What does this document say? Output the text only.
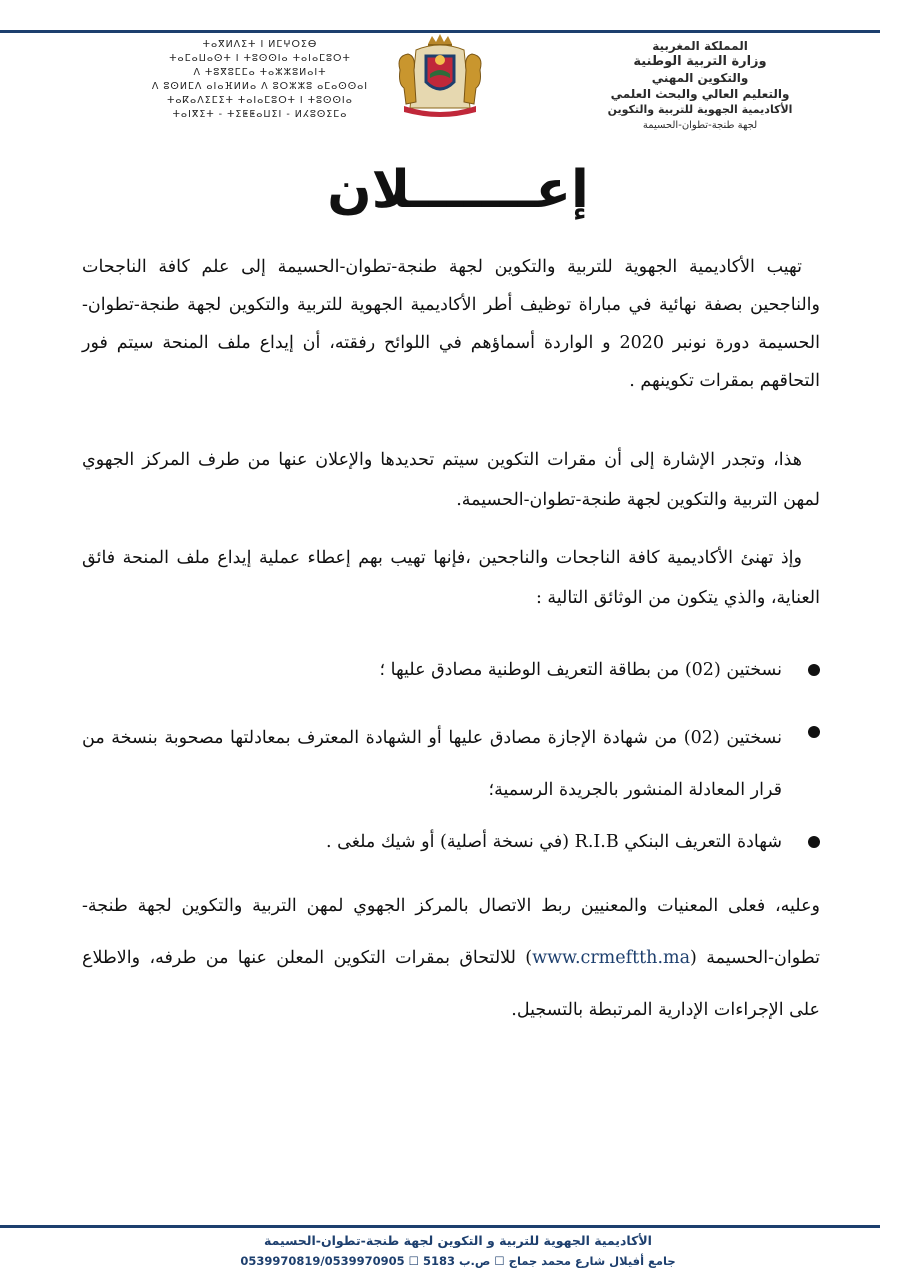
ⵜⴰⴳⵍⴷⵉⵜ ⵏ ⵍⵎⵖⵔⵉⴱ
ⵜⴰⵎⴰⵡⴰⵙⵜ ⵏ ⵜⵓⵙⵙⵏⴰ ⵜⴰⵏⴰⵎⵓⵔⵜ
ⴷ ⵜⵓⴳⵓⵎⵎⴰ ⵜⴰⵣⵣⵓⵍⴰⵏⵜ
ⴷ ⵓⵙⵍⵎⴷ ⴰⵏⴰⴼⵍⵍⴰ ⴷ ⵓⵔⵣⵣⵓ ⴰⵎⴰⵙⵙⴰⵏ
ⵜⴰⴽⴰⴷⵉⵎⵉⵜ ⵜⴰⵏⴰⵎⵓⵔⵜ ⵏ ⵜⵓⵙⵙⵏⴰ
ⵜⴰⵏⴳⵉⵜ - ⵜⵉⵟⵟⴰⵡⵉⵏ - ⵍⵃⵓⵙⵉⵎⴰ
المملكة المغربية
وزارة التربية الوطنية
والتكوين المهني
والتعليم العالي والبحث العلمي
الأكاديمية الجهوية للتربية والتكوين
لجهة طنجة-تطوان-الحسيمة
إعـــــــلان
تهيب الأكاديمية الجهوية للتربية والتكوين لجهة طنجة-تطوان-الحسيمة إلى علم كافة الناجحات والناجحين بصفة نهائية في مباراة توظيف أطر الأكاديمية الجهوية للتربية والتكوين لجهة طنجة-تطوان-الحسيمة دورة نونبر 2020 و الواردة أسماؤهم في اللوائح رفقته، أن إيداع ملف المنحة سيتم فور التحاقهم بمقرات تكوينهم .
هذا، وتجدر الإشارة إلى أن مقرات التكوين سيتم تحديدها والإعلان عنها من طرف المركز الجهوي لمهن التربية والتكوين لجهة طنجة-تطوان-الحسيمة.
وإذ تهنئ الأكاديمية كافة الناجحات والناجحين ،فإنها تهيب بهم إعطاء عملية إيداع ملف المنحة فائق العناية، والذي يتكون من الوثائق التالية :
نسختين (02) من بطاقة التعريف الوطنية مصادق عليها ؛
نسختين (02) من شهادة الإجازة مصادق عليها أو الشهادة المعترف بمعادلتها مصحوبة بنسخة من قرار المعادلة المنشور بالجريدة الرسمية؛
شهادة التعريف البنكي R.I.B (في نسخة أصلية) أو شيك ملغى .
وعليه، فعلى المعنيات والمعنيين ربط الاتصال بالمركز الجهوي لمهن التربية والتكوين لجهة طنجة-تطوان-الحسيمة (www.crmeftth.ma) للالتحاق بمقرات التكوين المعلن عنها من طرفه، والاطلاع على الإجراءات الإدارية المرتبطة بالتسجيل.
الأكاديمية الجهوية للتربية و التكوين لجهة طنجة-تطوان-الحسيمة
جامع أفيلال شارع محمد جماج ☐ ص.ب 5183 ☐ 0539970819/0539970905
